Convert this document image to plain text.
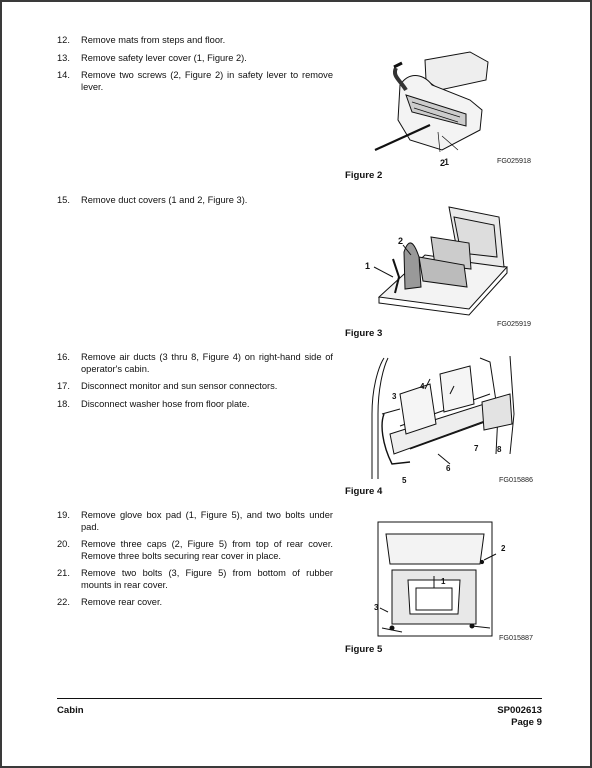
12.	Remove mats from steps and floor.
13.	Remove safety lever cover (1, Figure 2).
14.	Remove two screws (2, Figure 2) in safety lever to remove lever.
15.	Remove duct covers (1 and 2, Figure 3).
16.	Remove air ducts (3 thru 8, Figure 4) on right-hand side of operator's cabin.
17.	Disconnect monitor and sun sensor connectors.
18.	Disconnect washer hose from floor plate.
19.	Remove glove box pad (1, Figure 5), and two bolts under pad.
20.	Remove three caps (2, Figure 5) from top of rear cover. Remove three bolts securing rear cover in place.
21.	Remove two bolts (3, Figure 5) from bottom of rubber mounts in rear cover.
22.	Remove rear cover.
1
2	FG025918
Figure 2
1
2
FG025919
Figure 3
3
4
5
6
7 8
FG015886
Figure 4
1
2
3
FG015887
Figure 5
Cabin	SP002613
Page 9
